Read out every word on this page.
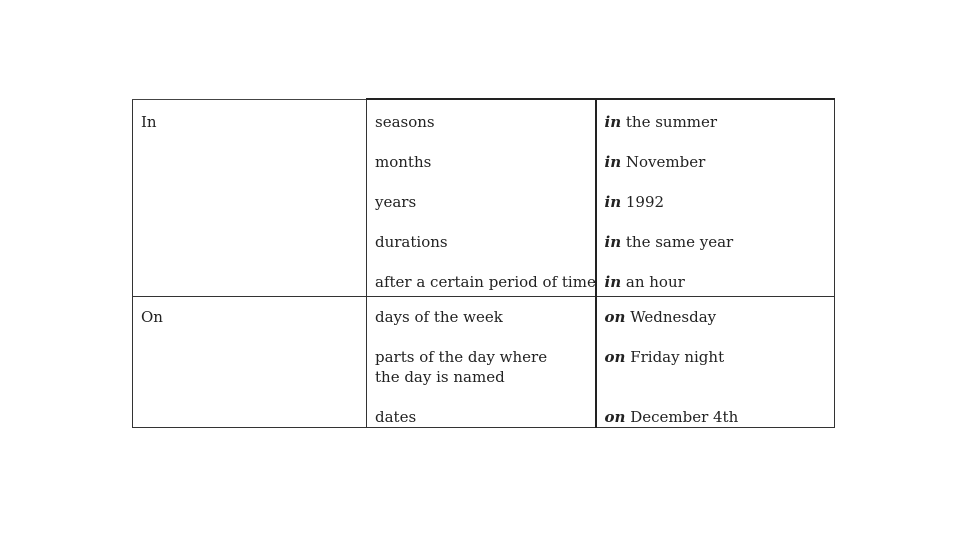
In	seasons	in the summer

	months	in November

	years	in 1992

	durations	in the same year

	after a certain period of time	in an hour

On	days of the week	on Wednesday

	parts of the day where the day is named	on Friday night

	dates	on December 4th
